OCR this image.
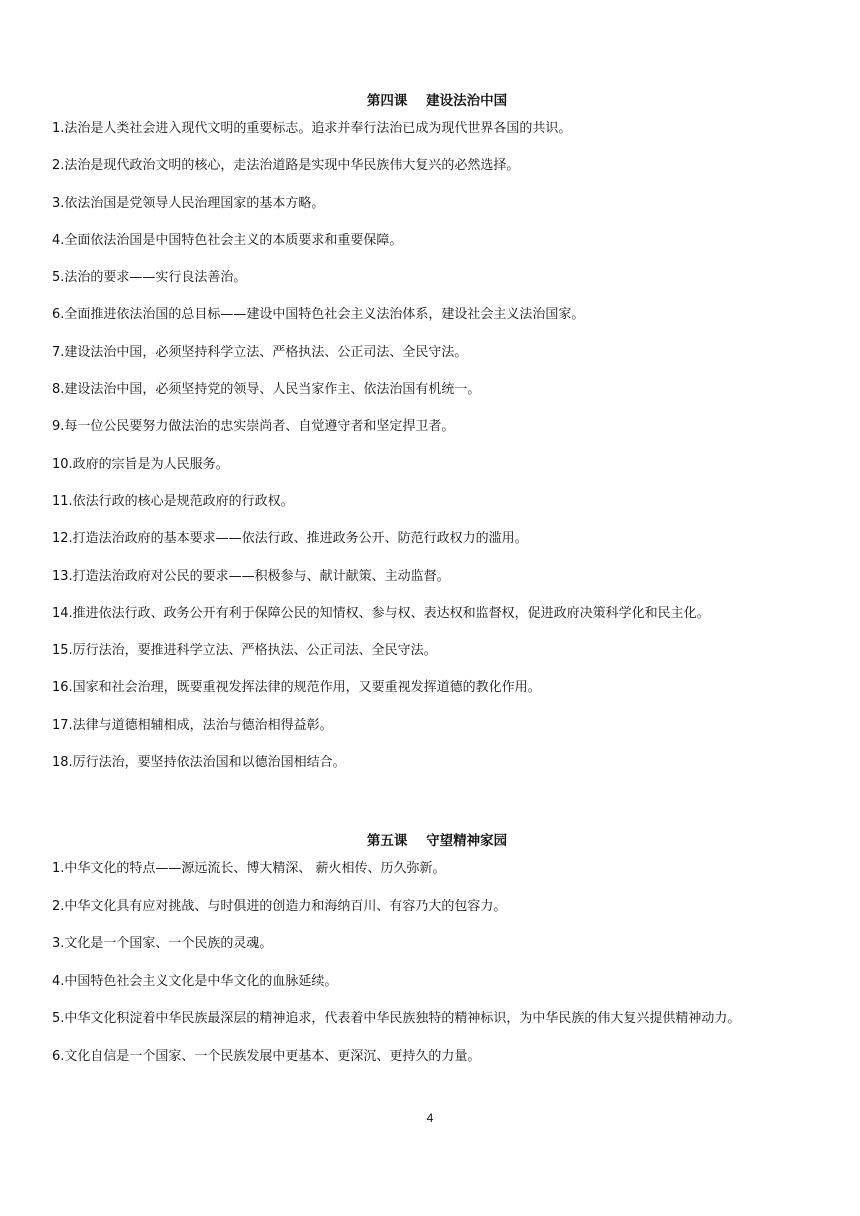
第四课    建设法治中国
1.法治是人类社会进入现代文明的重要标志。追求并奉行法治已成为现代世界各国的共识。
2.法治是现代政治文明的核心，走法治道路是实现中华民族伟大复兴的必然选择。
3.依法治国是党领导人民治理国家的基本方略。
4.全面依法治国是中国特色社会主义的本质要求和重要保障。
5.法治的要求——实行良法善治。
6.全面推进依法治国的总目标——建设中国特色社会主义法治体系，建设社会主义法治国家。
7.建设法治中国，必须坚持科学立法、严格执法、公正司法、全民守法。
8.建设法治中国，必须坚持党的领导、人民当家作主、依法治国有机统一。
9.每一位公民要努力做法治的忠实崇尚者、自觉遵守者和坚定捍卫者。
10.政府的宗旨是为人民服务。
11.依法行政的核心是规范政府的行政权。
12.打造法治政府的基本要求——依法行政、推进政务公开、防范行政权力的滥用。
13.打造法治政府对公民的要求——积极参与、献计献策、主动监督。
14.推进依法行政、政务公开有利于保障公民的知情权、参与权、表达权和监督权，促进政府决策科学化和民主化。
15.厉行法治，要推进科学立法、严格执法、公正司法、全民守法。
16.国家和社会治理，既要重视发挥法律的规范作用，又要重视发挥道德的教化作用。
17.法律与道德相辅相成，法治与德治相得益彰。
18.厉行法治，要坚持依法治国和以德治国相结合。
第五课    守望精神家园
1.中华文化的特点——源远流长、博大精深、 薪火相传、历久弥新。
2.中华文化具有应对挑战、与时俱进的创造力和海纳百川、有容乃大的包容力。
3.文化是一个国家、一个民族的灵魂。
4.中国特色社会主义文化是中华文化的血脉延续。
5.中华文化积淀着中华民族最深层的精神追求，代表着中华民族独特的精神标识，为中华民族的伟大复兴提供精神动力。
6.文化自信是一个国家、一个民族发展中更基本、更深沉、更持久的力量。
4
